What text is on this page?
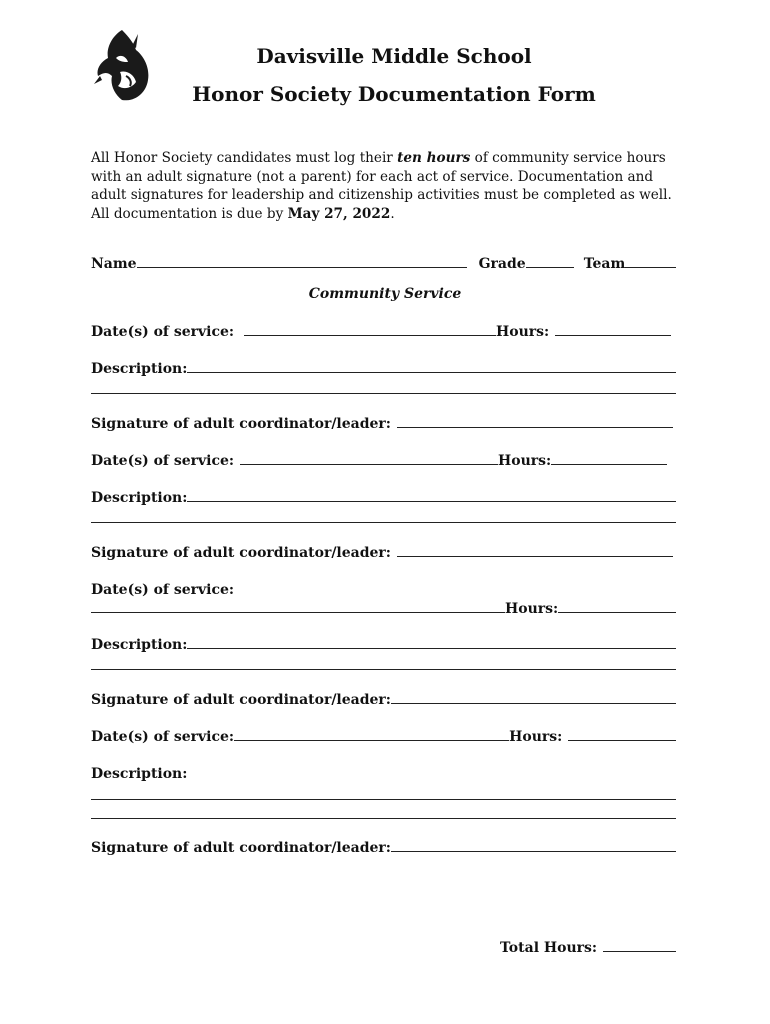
Davisville Middle School
Honor Society Documentation Form
All Honor Society candidates must log their ten hours of community service hours with an adult signature (not a parent) for each act of service. Documentation and adult signatures for leadership and citizenship activities must be completed as well.
All documentation is due by May 27, 2022.
Name	Grade	Team
Community Service
Date(s) of service:	Hours:
Description:
Signature of adult coordinator/leader:
Date(s) of service:	Hours:
Description:
Signature of adult coordinator/leader:
Date(s) of service:
Hours:
Description:
Signature of adult coordinator/leader:
Date(s) of service:	Hours:
Description:
Signature of adult coordinator/leader:
Total Hours:
